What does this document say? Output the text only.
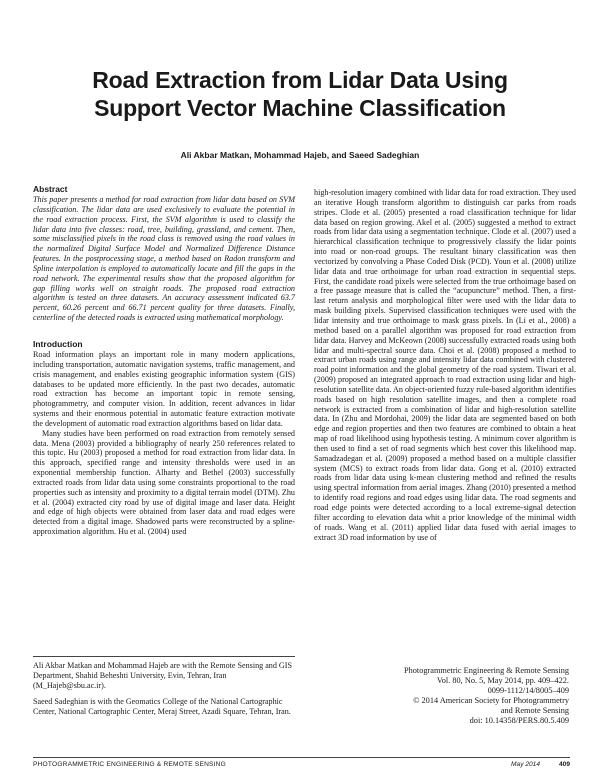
Road Extraction from Lidar Data Using
Support Vector Machine Classification
Ali Akbar Matkan, Mohammad Hajeb, and Saeed Sadeghian
Abstract

This paper presents a method for road extraction from lidar data based on SVM classification. The lidar data are used exclusively to evaluate the potential in the road extraction process. First, the SVM algorithm is used to classify the lidar data into five classes: road, tree, building, grassland, and cement. Then, some misclassified pixels in the road class is removed using the road values in the normalized Digital Surface Model and Normalized Difference Distance features. In the postprocessing stage, a method based on Radon transform and Spline interpolation is employed to automatically locate and fill the gaps in the road network. The experimental results show that the proposed algorithm for gap filling works well on straight roads. The proposed road extraction algorithm is tested on three datasets. An accuracy assessment indicated 63.7 percent, 60.26 percent and 66.71 percent quality for three datasets. Finally, centerline of the detected roads is extracted using mathematical morphology.

Introduction

Road information plays an important role in many modern applications, including transportation, automatic navigation systems, traffic management, and crisis management, and enables existing geographic information system (GIS) databases to be updated more efficiently. In the past two decades, automatic road extraction has become an important topic in remote sensing, photogrammetry, and computer vision. In addition, recent advances in lidar systems and their enormous potential in automatic feature extraction motivate the development of automatic road extraction algorithms based on lidar data.

Many studies have been performed on road extraction from remotely sensed data. Mena (2003) provided a bibliography of nearly 250 references related to this topic. Hu (2003) proposed a method for road extraction from lidar data. In this approach, specified range and intensity thresholds were used in an exponential membership function. Alharty and Bethel (2003) successfully extracted roads from lidar data using some constraints proportional to the road properties such as intensity and proximity to a digital terrain model (DTM). Zhu et al. (2004) extracted city road by use of digital image and laser data. Height and edge of high objects were obtained from laser data and road edges were detected from a digital image. Shadowed parts were reconstructed by a spline-approximation algorithm. Hu et al. (2004) used

high-resolution imagery combined with lidar data for road extraction. They used an iterative Hough transform algorithm to distinguish car parks from roads stripes. Clode et al. (2005) presented a road classification technique for lidar data based on region growing. Akel et al. (2005) suggested a method to extract roads from lidar data using a segmentation technique. Clode et al. (2007) used a hierarchical classification technique to progressively classify the lidar points into road or non-road groups. The resultant binary classification was then vectorized by convolving a Phase Coded Disk (PCD). Youn et al. (2008) utilize lidar data and true orthoimage for urban road extraction in sequential steps. First, the candidate road pixels were selected from the true orthoimage based on a free passage measure that is called the “acupuncture” method. Then, a first-last return analysis and morphological filter were used with the lidar data to mask building pixels. Supervised classification techniques were used with the lidar intensity and true orthoimage to mask grass pixels. In (Li et al., 2008) a method based on a parallel algorithm was proposed for road extraction from lidar data. Harvey and McKeown (2008) successfully extracted roads using both lidar and multi-spectral source data. Choi et al. (2008) proposed a method to extract urban roads using range and intensity lidar data combined with clustered road point information and the global geometry of the road system. Tiwari et al. (2009) proposed an integrated approach to road extraction using lidar and high-resolution satellite data. An object-oriented fuzzy rule-based algorithm identifies roads based on high resolution satellite images, and then a complete road network is extracted from a combination of lidar and high-resolution satellite data. In (Zhu and Mordohai, 2009) the lidar data are segmented based on both edge and region properties and then two features are combined to obtain a heat map of road likelihood using hypothesis testing. A minimum cover algorithm is then used to find a set of road segments which best cover this likelihood map. Samadzadegan et al. (2009) proposed a method based on a multiple classifier system (MCS) to extract roads from lidar data. Gong et al. (2010) extracted roads from lidar data using k-mean clustering method and refined the results using spectral information from aerial images. Zhang (2010) presented a method to identify road regions and road edges using lidar data. The road segments and road edge points were detected according to a local extreme-signal detection filter according to elevation data whit a prior knowledge of the minimal width of roads. Wang et al. (2011) applied lidar data fused with aerial images to extract 3D road information by use of

Ali Akbar Matkan and Mohammad Hajeb are with the Remote Sensing and GIS Department, Shahid Beheshti University, Evin, Tehran, Iran (M_Hajeb@sbu.ac.ir).

Saeed Sadeghian is with the Geomatics College of the National Cartographic Center, National Cartographic Center, Meraj Street, Azadi Square, Tehran, Iran.

Photogrammetric Engineering & Remote Sensing
Vol. 80, No. 5, May 2014, pp. 409–422.
0099-1112/14/8005–409
© 2014 American Society for Photogrammetry
and Remote Sensing
doi: 10.14358/PERS.80.5.409
PHOTOGRAMMETRIC ENGINEERING & REMOTE SENSING	May 2014	409
